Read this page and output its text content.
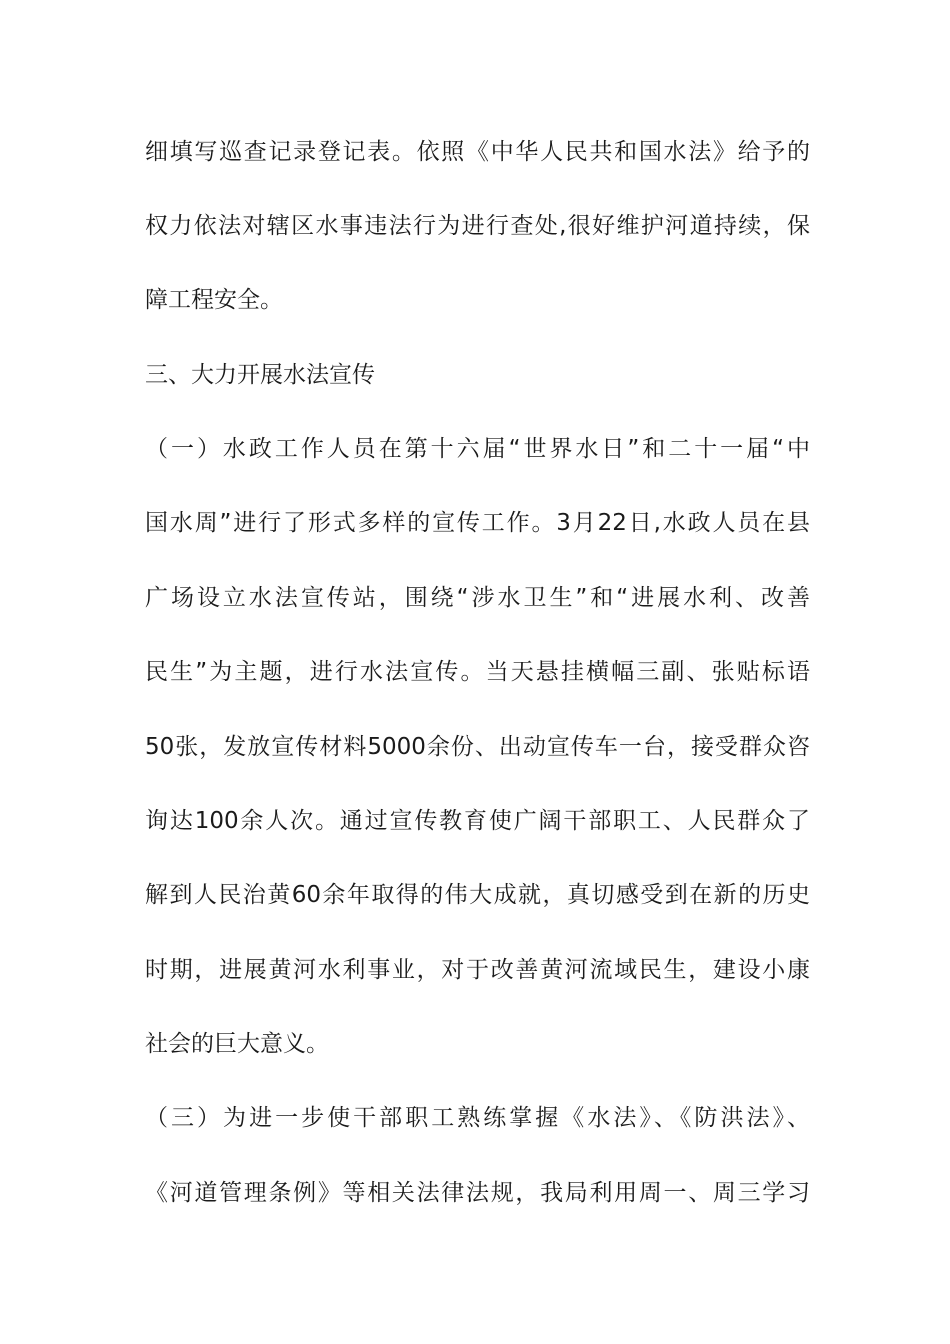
细填写巡查记录登记表。依照《中华人民共和国水法》给予的
权力依法对辖区水事违法行为进行查处,很好维护河道持续，保
障工程安全。
三、大力开展水法宣传
（一）水政工作人员在第十六届“世界水日”和二十一届“中
国水周”进行了形式多样的宣传工作。3月22日,水政人员在县
广场设立水法宣传站，围绕“涉水卫生”和“进展水利、改善
民生”为主题，进行水法宣传。当天悬挂横幅三副、张贴标语
50张，发放宣传材料5000余份、出动宣传车一台，接受群众咨
询达100余人次。通过宣传教育使广阔干部职工、人民群众了
解到人民治黄60余年取得的伟大成就，真切感受到在新的历史
时期，进展黄河水利事业，对于改善黄河流域民生，建设小康
社会的巨大意义。
（三）为进一步使干部职工熟练掌握《水法》、《防洪法》、
《河道管理条例》等相关法律法规，我局利用周一、周三学习
